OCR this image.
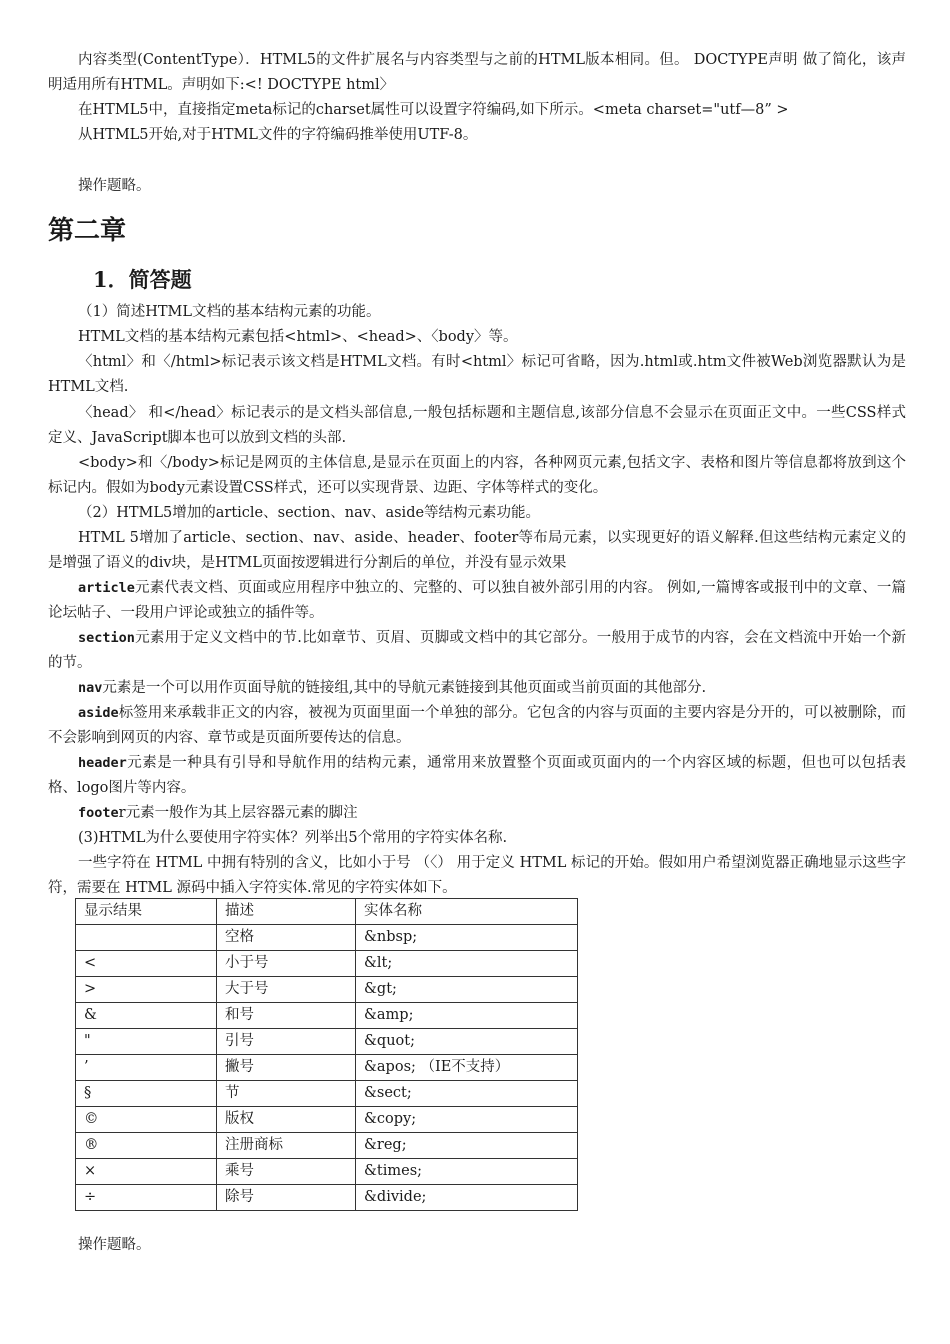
内容类型(ContentType）．HTML5的文件扩展名与内容类型与之前的HTML版本相同。但。 DOCTYPE声明 做了简化，该声明适用所有HTML。声明如下:<! DOCTYPE html〉

在HTML5中，直接指定meta标记的charset属性可以设置字符编码,如下所示。<meta charset="utf—8” >

从HTML5开始,对于HTML文件的字符编码推举使用UTF-8。

操作题略。

第二章
1．简答题

（1）简述HTML文档的基本结构元素的功能。

HTML文档的基本结构元素包括<html>、<head>、〈body〉等。

〈html〉和〈/html>标记表示该文档是HTML文档。有时<html〉标记可省略，因为.html或.htm文件被Web浏览器默认为是HTML文档.

〈head〉 和</head〉标记表示的是文档头部信息,一般包括标题和主题信息,该部分信息不会显示在页面正文中。一些CSS样式定义、JavaScript脚本也可以放到文档的头部.

<body>和〈/body>标记是网页的主体信息,是显示在页面上的内容，各种网页元素,包括文字、表格和图片等信息都将放到这个标记内。假如为body元素设置CSS样式，还可以实现背景、边距、字体等样式的变化。

（2）HTML5增加的article、section、nav、aside等结构元素功能。

HTML 5增加了article、section、nav、aside、header、footer等布局元素，以实现更好的语义解释.但这些结构元素定义的是增强了语义的div块，是HTML页面按逻辑进行分割后的单位，并没有显示效果

article元素代表文档、页面或应用程序中独立的、完整的、可以独自被外部引用的内容。 例如,一篇博客或报刊中的文章、一篇论坛帖子、一段用户评论或独立的插件等。

section元素用于定义文档中的节.比如章节、页眉、页脚或文档中的其它部分。一般用于成节的内容，会在文档流中开始一个新的节。

nav元素是一个可以用作页面导航的链接组,其中的导航元素链接到其他页面或当前页面的其他部分.

aside标签用来承载非正文的内容，被视为页面里面一个单独的部分。它包含的内容与页面的主要内容是分开的，可以被删除，而不会影响到网页的内容、章节或是页面所要传达的信息。

header元素是一种具有引导和导航作用的结构元素，通常用来放置整个页面或页面内的一个内容区域的标题，但也可以包括表格、logo图片等内容。

footer元素一般作为其上层容器元素的脚注

(3)HTML为什么要使用字符实体？列举出5个常用的字符实体名称.

一些字符在 HTML 中拥有特别的含义，比如小于号 （〈） 用于定义 HTML 标记的开始。假如用户希望浏览器正确地显示这些字符，需要在 HTML 源码中插入字符实体.常见的字符实体如下。

显示结果	描述	实体名称
	空格	&nbsp;
<	小于号	&lt;
>	大于号	&gt;
&	和号	&amp;
"	引号	&quot;
’	撇号	&apos; （IE不支持）
§	节	&sect;
©	版权	&copy;
®	注册商标	&reg;
×	乘号	&times;
÷	除号	&divide;

操作题略。
